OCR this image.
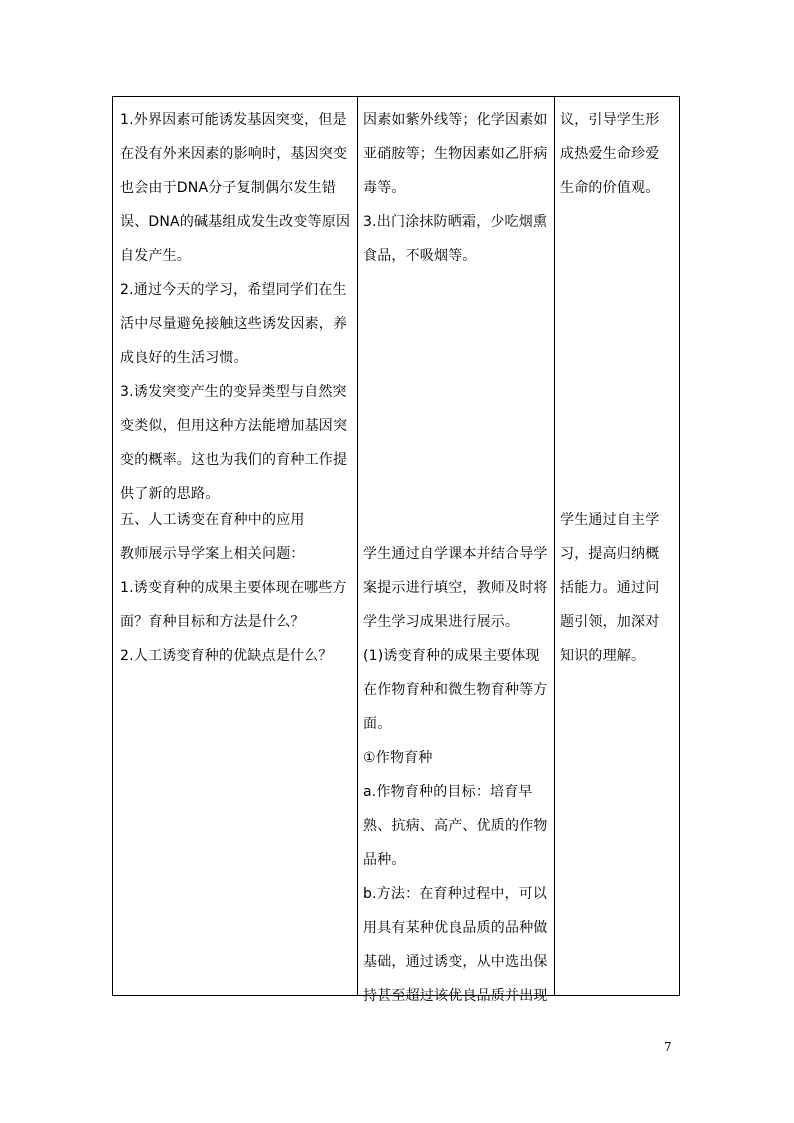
1.外界因素可能诱发基因突变，但是
在没有外来因素的影响时，基因突变
也会由于DNA分子复制偶尔发生错
误、DNA的碱基组成发生改变等原因
自发产生。

2.通过今天的学习，希望同学们在生
活中尽量避免接触这些诱发因素，养
成良好的生活习惯。

3.诱发突变产生的变异类型与自然突
变类似，但用这种方法能增加基因突
变的概率。这也为我们的育种工作提
供了新的思路。

五、人工诱变在育种中的应用

教师展示导学案上相关问题：

1.诱变育种的成果主要体现在哪些方
面？育种目标和方法是什么？

2.人工诱变育种的优缺点是什么？

因素如紫外线等；化学因素如
亚硝胺等；生物因素如乙肝病
毒等。

3.出门涂抹防晒霜，少吃烟熏
食品，不吸烟等。

学生通过自学课本并结合导学
案提示进行填空，教师及时将
学生学习成果进行展示。

(1)诱变育种的成果主要体现
在作物育种和微生物育种等方
面。

①作物育种

a.作物育种的目标：培育早
熟、抗病、高产、优质的作物
品种。

b.方法：在育种过程中，可以
用具有某种优良品质的品种做
基础，通过诱变，从中选出保
持甚至超过该优良品质并出现

议，引导学生形
成热爱生命珍爱
生命的价值观。

学生通过自主学
习，提高归纳概
括能力。通过问
题引领，加深对
知识的理解。

7
